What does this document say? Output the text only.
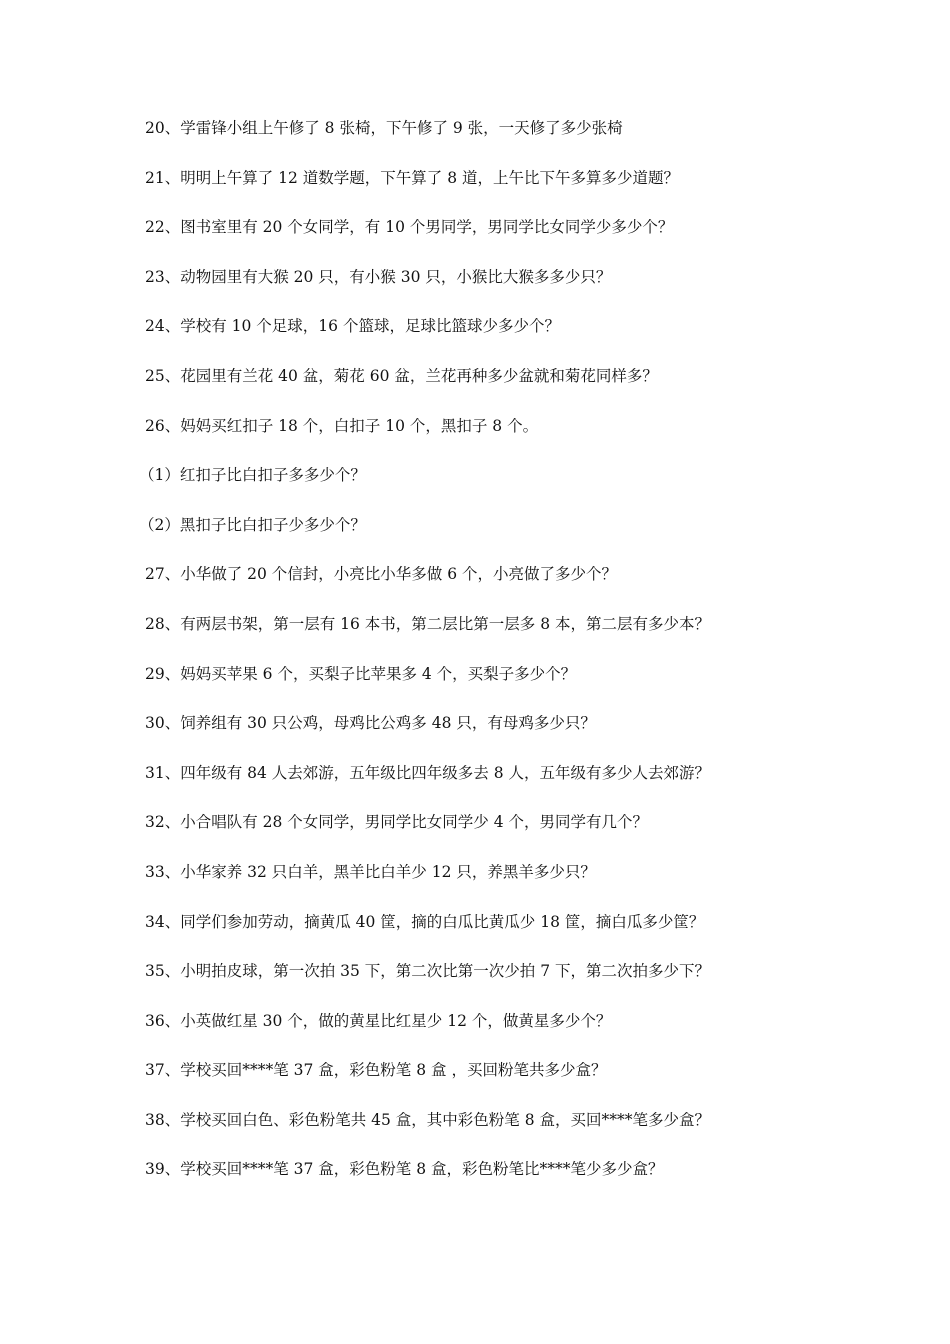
20、学雷锋小组上午修了 8 张椅，下午修了 9 张，一天修了多少张椅
21、明明上午算了 12 道数学题，下午算了 8 道，上午比下午多算多少道题？
22、图书室里有 20 个女同学，有 10 个男同学，男同学比女同学少多少个？
23、动物园里有大猴 20 只，有小猴 30 只，小猴比大猴多多少只？
24、学校有 10 个足球，16 个篮球，足球比篮球少多少个？
25、花园里有兰花 40 盆，菊花 60 盆，兰花再种多少盆就和菊花同样多？
26、妈妈买红扣子 18 个，白扣子 10 个，黑扣子 8 个。
（1）红扣子比白扣子多多少个？
（2）黑扣子比白扣子少多少个？
27、小华做了 20 个信封，小亮比小华多做 6 个，小亮做了多少个？
28、有两层书架，第一层有 16 本书，第二层比第一层多 8 本，第二层有多少本？
29、妈妈买苹果 6 个，买梨子比苹果多 4 个，买梨子多少个？
30、饲养组有 30 只公鸡，母鸡比公鸡多 48 只，有母鸡多少只？
31、四年级有 84 人去郊游，五年级比四年级多去 8 人，五年级有多少人去郊游？
32、小合唱队有 28 个女同学，男同学比女同学少 4 个，男同学有几个？
33、小华家养 32 只白羊，黑羊比白羊少 12 只，养黑羊多少只？
34、同学们参加劳动，摘黄瓜 40 筐，摘的白瓜比黄瓜少 18 筐，摘白瓜多少筐？
35、小明拍皮球，第一次拍 35 下，第二次比第一次少拍 7 下，第二次拍多少下？
36、小英做红星 30 个，做的黄星比红星少 12 个，做黄星多少个？
37、学校买回****笔 37 盒，彩色粉笔 8 盒 ，买回粉笔共多少盒？
38、学校买回白色、彩色粉笔共 45 盒，其中彩色粉笔 8 盒，买回****笔多少盒？
39、学校买回****笔 37 盒，彩色粉笔 8 盒，彩色粉笔比****笔少多少盒？
